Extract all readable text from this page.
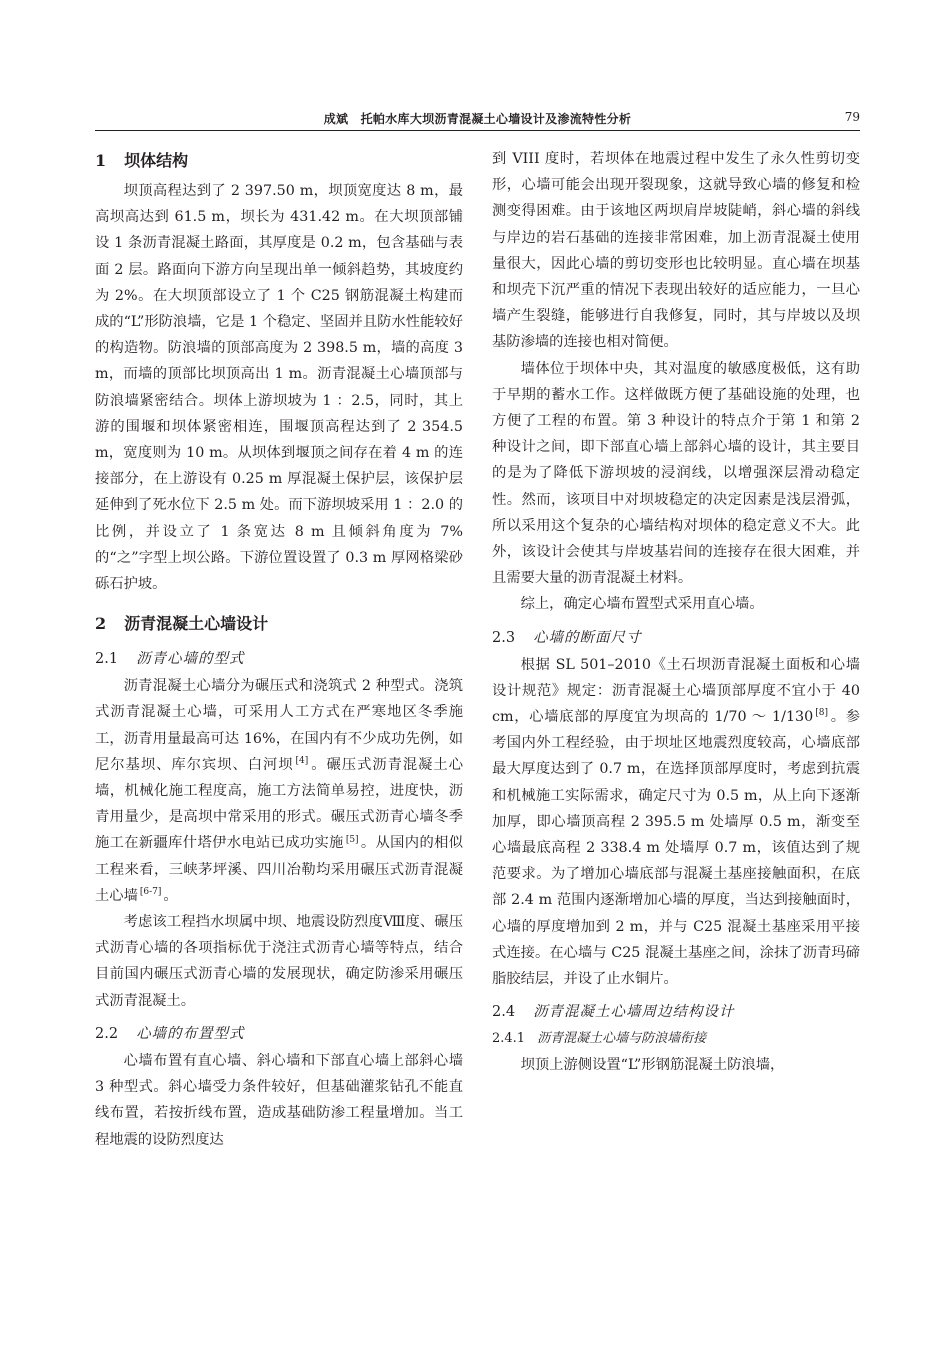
成斌　托帕水库大坝沥青混凝土心墙设计及渗流特性分析	79
1 坝体结构

坝顶高程达到了 2 397.50 m，坝顶宽度达 8 m，最高坝高达到 61.5 m，坝长为 431.42 m。在大坝顶部铺设 1 条沥青混凝土路面，其厚度是 0.2 m，包含基础与表面 2 层。路面向下游方向呈现出单一倾斜趋势，其坡度约为 2%。在大坝顶部设立了 1 个 C25 钢筋混凝土构建而成的“L”形防浪墙，它是 1 个稳定、坚固并且防水性能较好的构造物。防浪墙的顶部高度为 2 398.5 m，墙的高度 3 m，而墙的顶部比坝顶高出 1 m。沥青混凝土心墙顶部与防浪墙紧密结合。坝体上游坝坡为 1 ：2.5，同时，其上游的围堰和坝体紧密相连，围堰顶高程达到了 2 354.5 m，宽度则为 10 m。从坝体到堰顶之间存在着 4 m 的连接部分，在上游设有 0.25 m 厚混凝土保护层，该保护层延伸到了死水位下 2.5 m 处。而下游坝坡采用 1 ：2.0 的比例，并设立了 1 条宽达 8 m 且倾斜角度为 7% 的“之”字型上坝公路。下游位置设置了 0.3 m 厚网格梁砂砾石护坡。

2 沥青混凝土心墙设计
2.1 沥青心墙的型式

沥青混凝土心墙分为碾压式和浇筑式 2 种型式。浇筑式沥青混凝土心墙，可采用人工方式在严寒地区冬季施工，沥青用量最高可达 16%，在国内有不少成功先例，如尼尔基坝、库尔宾坝、白河坝 [4] 。碾压式沥青混凝土心墙，机械化施工程度高，施工方法简单易控，进度快，沥青用量少，是高坝中常采用的形式。碾压式沥青心墙冬季施工在新疆库什塔伊水电站已成功实施 [5] 。从国内的相似工程来看，三峡茅坪溪、四川冶勒均采用碾压式沥青混凝土心墙 [6-7] 。

考虑该工程挡水坝属中坝、地震设防烈度Ⅷ度、碾压式沥青心墙的各项指标优于浇注式沥青心墙等特点，结合目前国内碾压式沥青心墙的发展现状，确定防渗采用碾压式沥青混凝土。

2.2 心墙的布置型式

心墙布置有直心墙、斜心墙和下部直心墙上部斜心墙 3 种型式。斜心墙受力条件较好，但基础灌浆钻孔不能直线布置，若按折线布置，造成基础防渗工程量增加。当工程地震的设防烈度达

到 VIII 度时，若坝体在地震过程中发生了永久性剪切变形，心墙可能会出现开裂现象，这就导致心墙的修复和检测变得困难。由于该地区两坝肩岸坡陡峭，斜心墙的斜线与岸边的岩石基础的连接非常困难，加上沥青混凝土使用量很大，因此心墙的剪切变形也比较明显。直心墙在坝基和坝壳下沉严重的情况下表现出较好的适应能力，一旦心墙产生裂缝，能够进行自我修复，同时，其与岸坡以及坝基防渗墙的连接也相对简便。

墙体位于坝体中央，其对温度的敏感度极低，这有助于早期的蓄水工作。这样做既方便了基础设施的处理，也方便了工程的布置。第 3 种设计的特点介于第 1 和第 2 种设计之间，即下部直心墙上部斜心墙的设计，其主要目的是为了降低下游坝坡的浸润线，以增强深层滑动稳定性。然而，该项目中对坝坡稳定的决定因素是浅层滑弧，所以采用这个复杂的心墙结构对坝体的稳定意义不大。此外，该设计会使其与岸坡基岩间的连接存在很大困难，并且需要大量的沥青混凝土材料。

综上，确定心墙布置型式采用直心墙。

2.3 心墙的断面尺寸

根据 SL 501–2010《土石坝沥青混凝土面板和心墙设计规范》规定：沥青混凝土心墙顶部厚度不宜小于 40 cm，心墙底部的厚度宜为坝高的 1/70 ～ 1/130 [8] 。参考国内外工程经验，由于坝址区地震烈度较高，心墙底部最大厚度达到了 0.7 m，在选择顶部厚度时，考虑到抗震和机械施工实际需求，确定尺寸为 0.5 m，从上向下逐渐加厚，即心墙顶高程 2 395.5 m 处墙厚 0.5 m，渐变至心墙最底高程 2 338.4 m 处墙厚 0.7 m，该值达到了规范要求。为了增加心墙底部与混凝土基座接触面积，在底部 2.4 m 范围内逐渐增加心墙的厚度，当达到接触面时，心墙的厚度增加到 2 m，并与 C25 混凝土基座采用平接式连接。在心墙与 C25 混凝土基座之间，涂抹了沥青玛碲脂胶结层，并设了止水铜片。

2.4 沥青混凝土心墙周边结构设计
2.4.1 沥青混凝土心墙与防浪墙衔接

坝顶上游侧设置“L”形钢筋混凝土防浪墙，
